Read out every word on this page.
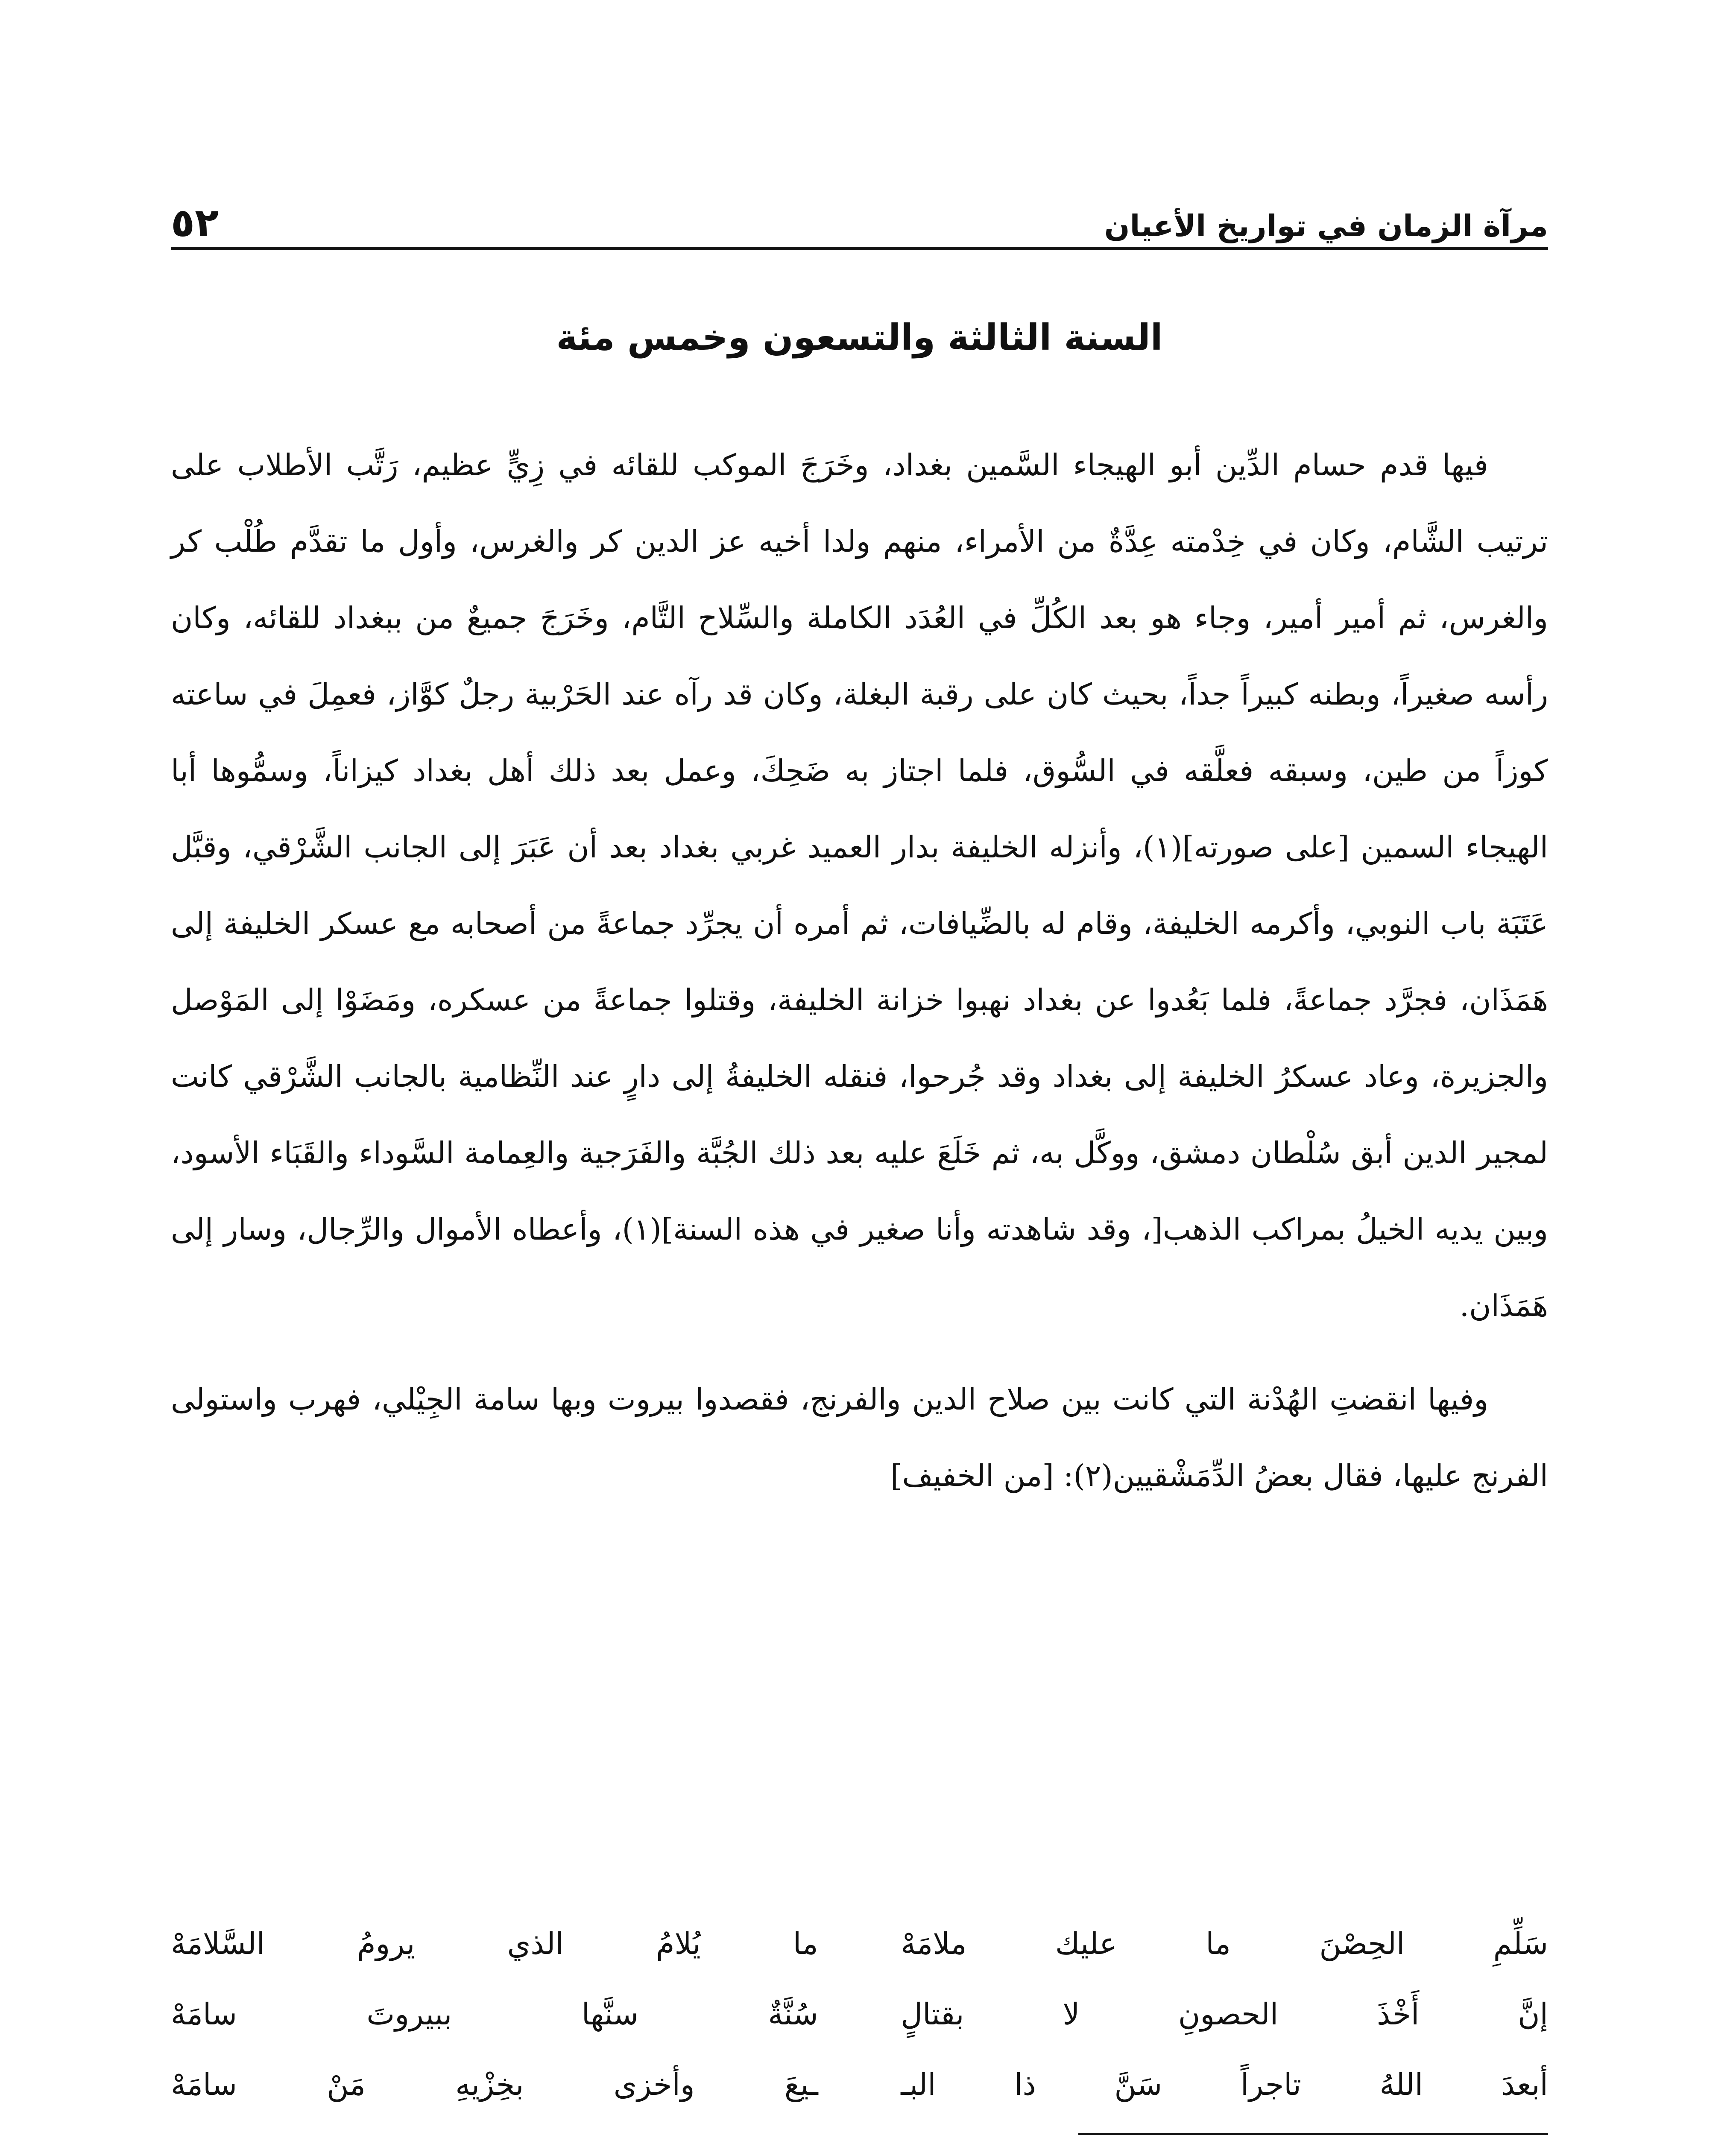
مرآة الزمان في تواريخ الأعيان
٥٢
السنة الثالثة والتسعون وخمس مئة

فيها قدم حسام الدِّين أبو الهيجاء السَّمين بغداد، وخَرَجَ الموكب للقائه في زِيٍّ عظيم، رَتَّب الأطلاب على ترتيب الشَّام، وكان في خِدْمته عِدَّةٌ من الأمراء، منهم ولدا أخيه عز الدين كر والغرس، وأول ما تقدَّم طُلْب كر والغرس، ثم أمير أمير، وجاء هو بعد الكُلِّ في العُدَد الكاملة والسِّلاح التَّام، وخَرَجَ جميعٌ من ببغداد للقائه، وكان رأسه صغيراً، وبطنه كبيراً جداً، بحيث كان على رقبة البغلة، وكان قد رآه عند الحَرْبية رجلٌ كوَّاز، فعمِلَ في ساعته كوزاً من طين، وسبقه فعلَّقه في السُّوق، فلما اجتاز به ضَحِكَ، وعمل بعد ذلك أهل بغداد كيزاناً، وسمُّوها أبا الهيجاء السمين [على صورته](١)، وأنزله الخليفة بدار العميد غربي بغداد بعد أن عَبَرَ إلى الجانب الشَّرْقي، وقبَّل عَتَبَة باب النوبي، وأكرمه الخليفة، وقام له بالضِّيافات، ثم أمره أن يجرِّد جماعةً من أصحابه مع عسكر الخليفة إلى هَمَذَان، فجرَّد جماعةً، فلما بَعُدوا عن بغداد نهبوا خزانة الخليفة، وقتلوا جماعةً من عسكره، ومَضَوْا إلى المَوْصل والجزيرة، وعاد عسكرُ الخليفة إلى بغداد وقد جُرحوا، فنقله الخليفةُ إلى دارٍ عند النِّظامية بالجانب الشَّرْقي كانت لمجير الدين أبق سُلْطان دمشق، ووكَّل به، ثم خَلَعَ عليه بعد ذلك الجُبَّة والفَرَجية والعِمامة السَّوداء والقَبَاء الأسود، وبين يديه الخيلُ بمراكب الذهب[، وقد شاهدته وأنا صغير في هذه السنة](١)، وأعطاه الأموال والرِّجال، وسار إلى هَمَذَان.

وفيها انقضتِ الهُدْنة التي كانت بين صلاح الدين والفرنج، فقصدوا بيروت وبها سامة الجِيْلي، فهرب واستولى الفرنج عليها، فقال بعضُ الدِّمَشْقيين(٢): [من الخفيف]

سَلِّمِ الحِصْنَ ما عليك ملامَهْ
ما يُلامُ الذي يرومُ السَّلامَهْ
إنَّ أَخْذَ الحصونِ لا بقتالٍ
سُنَّةٌ سنَّها ببيروتَ سامَهْ
أبعدَ اللهُ تاجراً سَنَّ ذا البـ
ـيعَ وأخزى بخِزْيهِ مَنْ سامَهْ
